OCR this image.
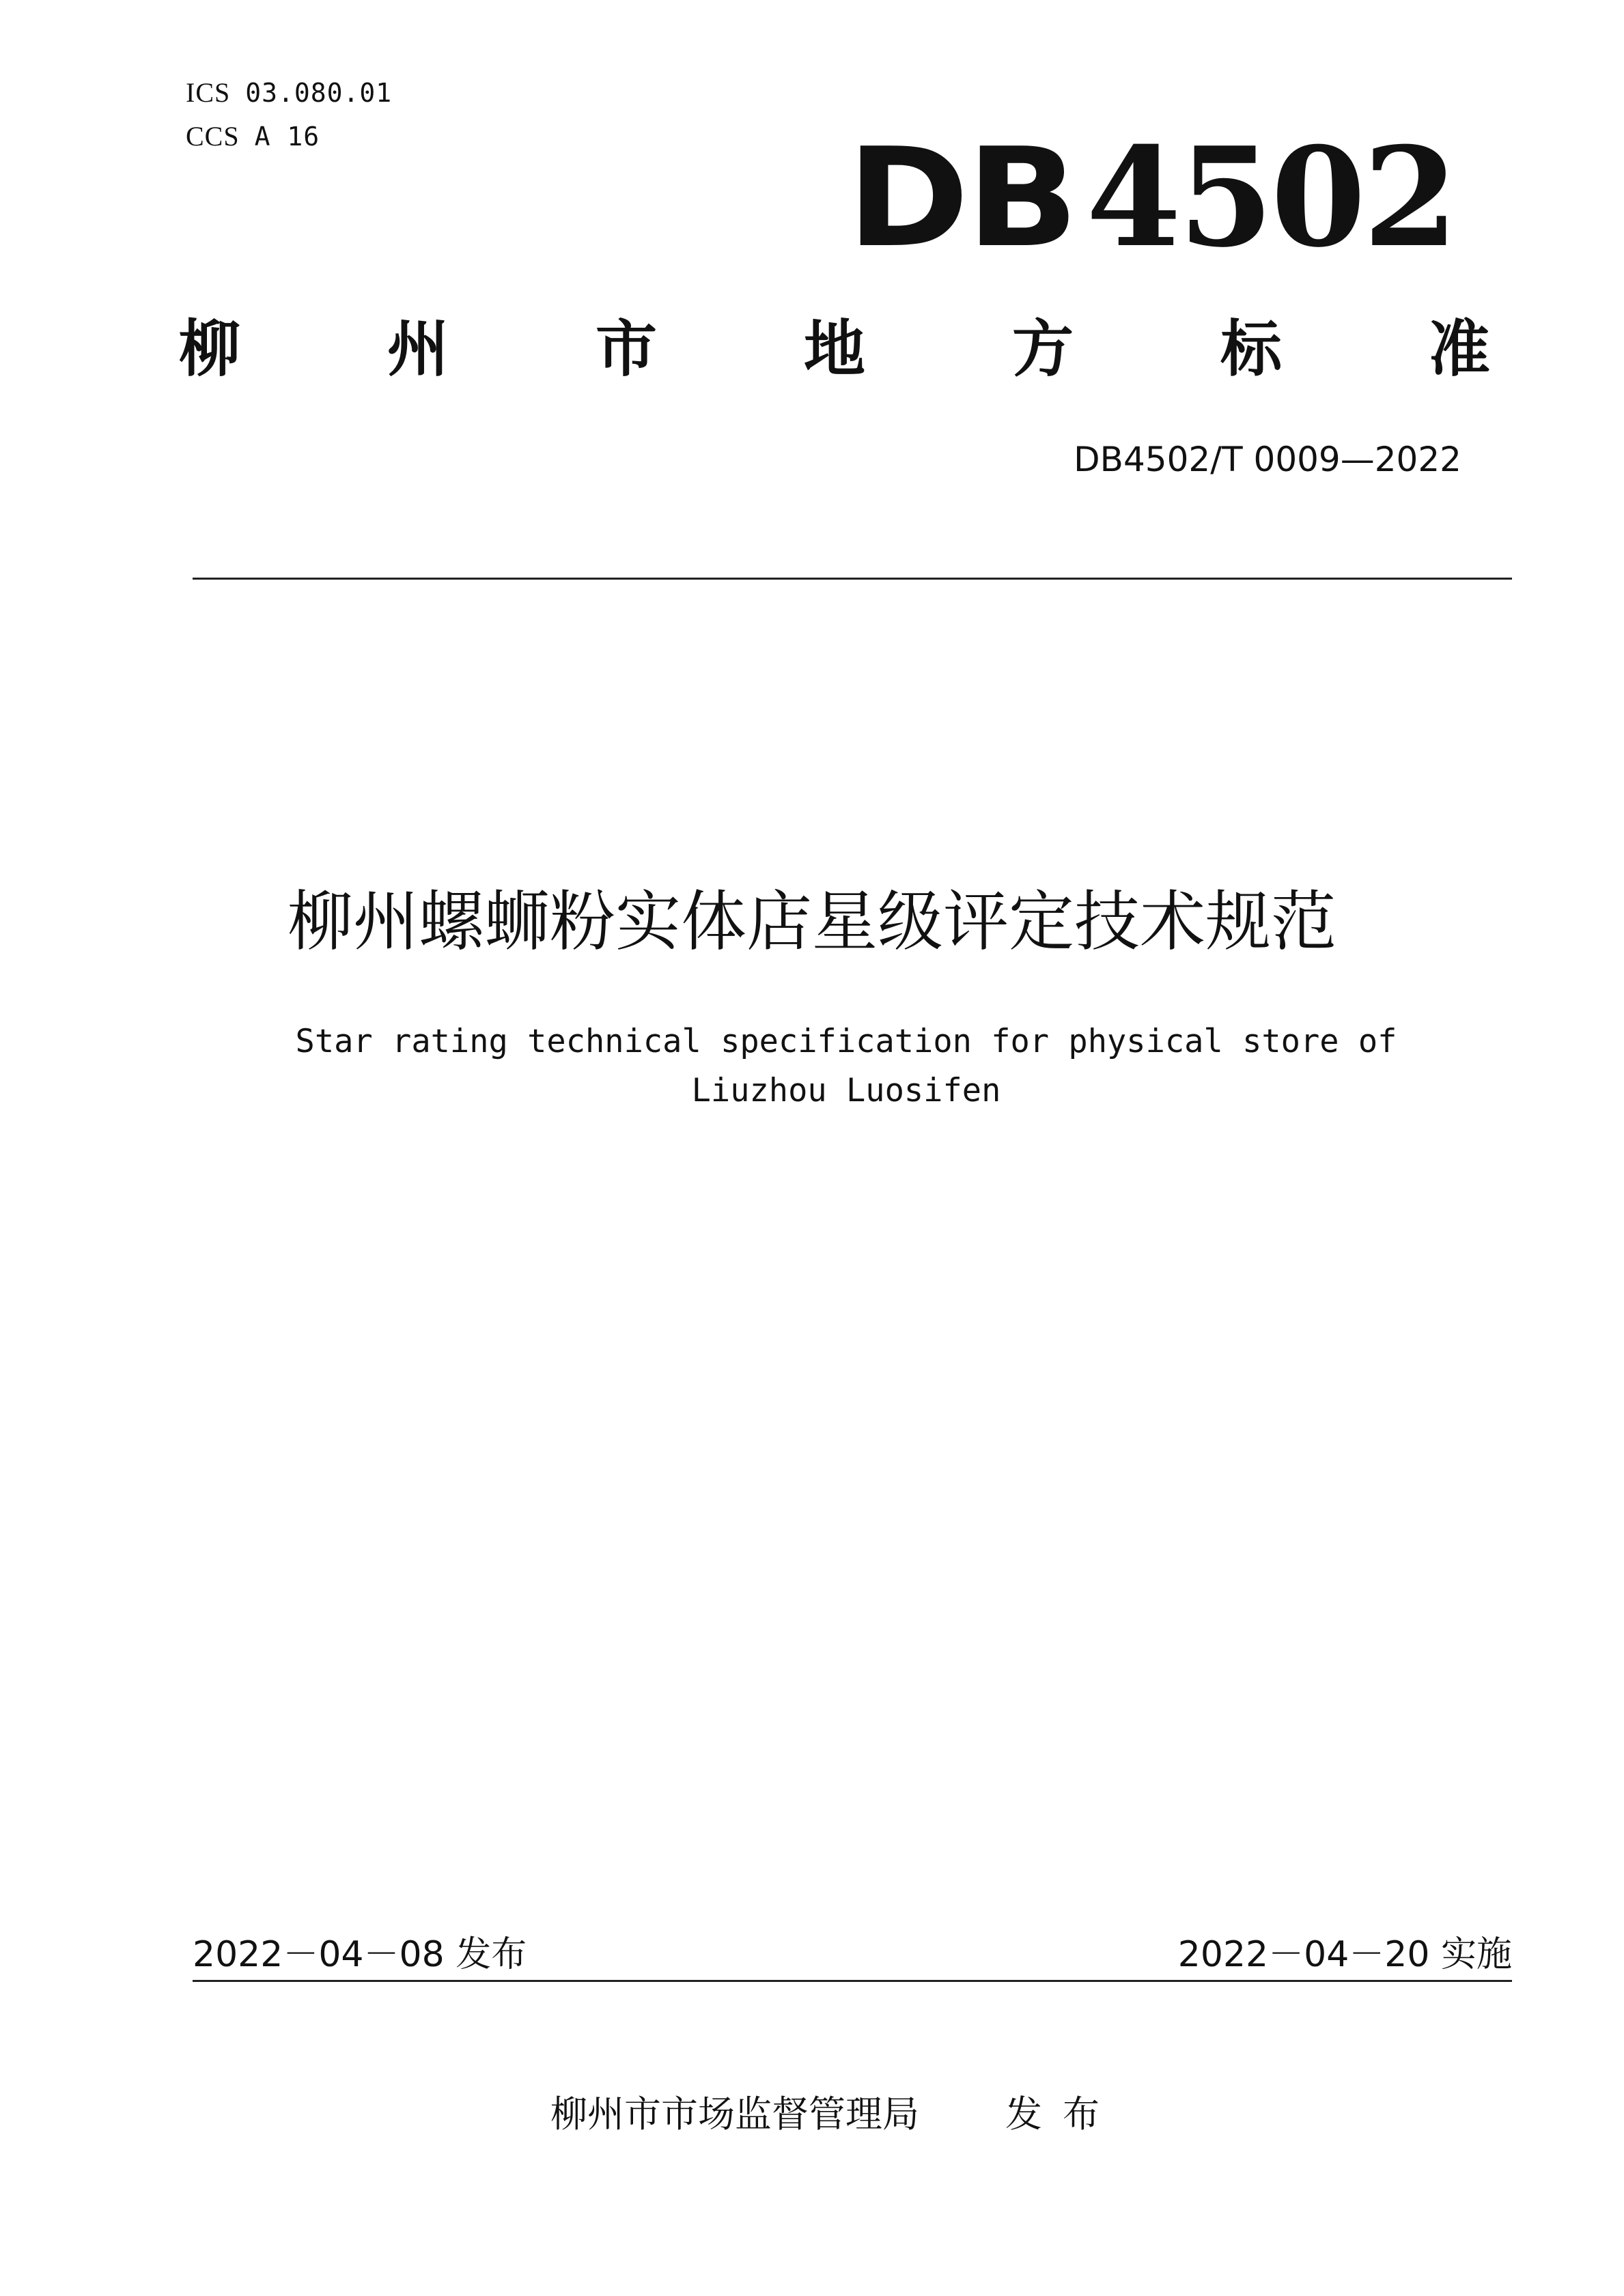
ICS 03.080.01
CCS A 16	DB4502
柳 州 市 地 方 标 准
DB4502/T 0009—2022
柳州螺蛳粉实体店星级评定技术规范
Star rating technical specification for physical store of Liuzhou Luosifen
2022－04－08 发布	2022－04－20 实施
柳州市市场监督管理局 发布
